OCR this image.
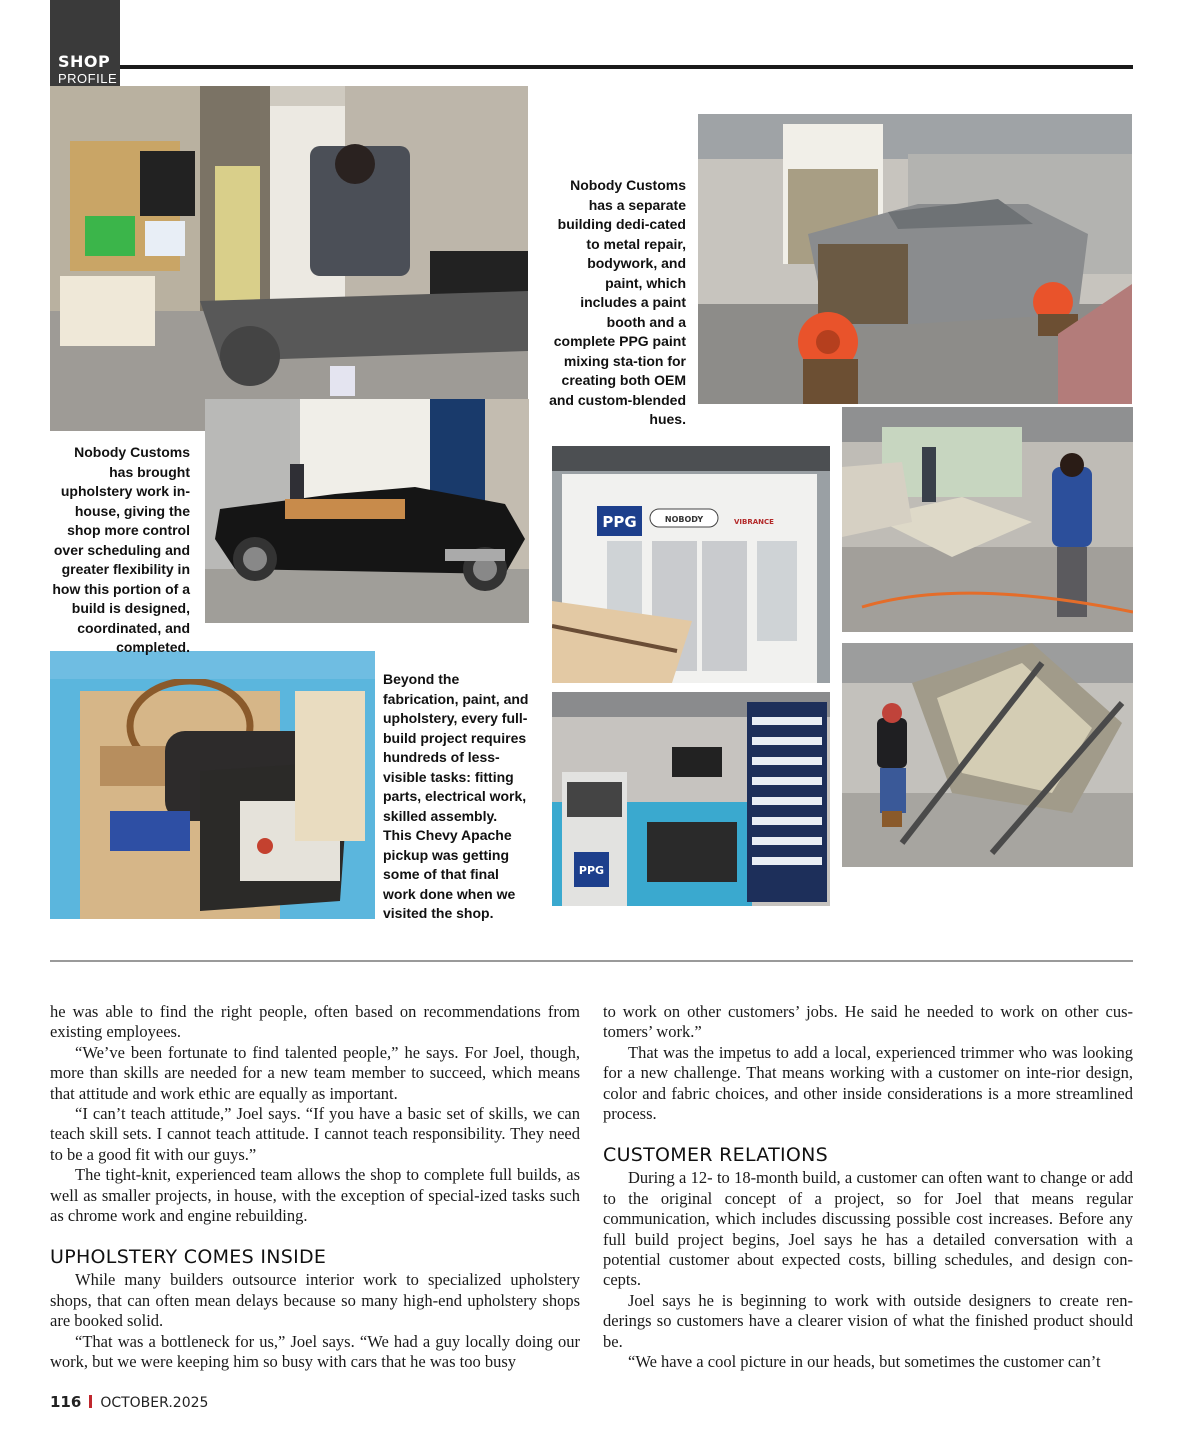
SHOP
PROFILE
PPG	NOBODY	VIBRANCE
PPG
Nobody Customs has a separate building dedi-cated to metal repair, bodywork, and paint, which includes a paint booth and a complete PPG paint mixing sta-tion for creating both OEM and custom-blended hues.
Nobody Customs has brought upholstery work in-house, giving the shop more control over scheduling and greater flexibility in how this portion of a build is designed, coordinated, and completed.
Beyond the fabrication, paint, and upholstery, every full-build project requires hundreds of less-visible tasks: fitting parts, electrical work, skilled assembly. This Chevy Apache pickup was getting some of that final work done when we visited the shop.

he was able to find the right people, often based on recommendations from existing employees.

“We’ve been fortunate to find talented people,” he says. For Joel, though, more than skills are needed for a new team member to succeed, which means that attitude and work ethic are equally as important.

“I can’t teach attitude,” Joel says. “If you have a basic set of skills, we can teach skill sets. I cannot teach attitude. I cannot teach responsibility. They need to be a good fit with our guys.”

The tight-knit, experienced team allows the shop to complete full builds, as well as smaller projects, in house, with the exception of special-ized tasks such as chrome work and engine rebuilding.

UPHOLSTERY COMES INSIDE

While many builders outsource interior work to specialized upholstery shops, that can often mean delays because so many high-end upholstery shops are booked solid.

“That was a bottleneck for us,” Joel says. “We had a guy locally doing our work, but we were keeping him so busy with cars that he was too busy

to work on other customers’ jobs. He said he needed to work on other cus-tomers’ work.”

That was the impetus to add a local, experienced trimmer who was looking for a new challenge. That means working with a customer on inte-rior design, color and fabric choices, and other inside considerations is a more streamlined process.

CUSTOMER RELATIONS

During a 12- to 18-month build, a customer can often want to change or add to the original concept of a project, so for Joel that means regular communication, which includes discussing possible cost increases. Before any full build project begins, Joel says he has a detailed conversation with a potential customer about expected costs, billing schedules, and design con-cepts.

Joel says he is beginning to work with outside designers to create ren-derings so customers have a clearer vision of what the finished product should be.

“We have a cool picture in our heads, but sometimes the customer can’t

116 OCTOBER.2025
